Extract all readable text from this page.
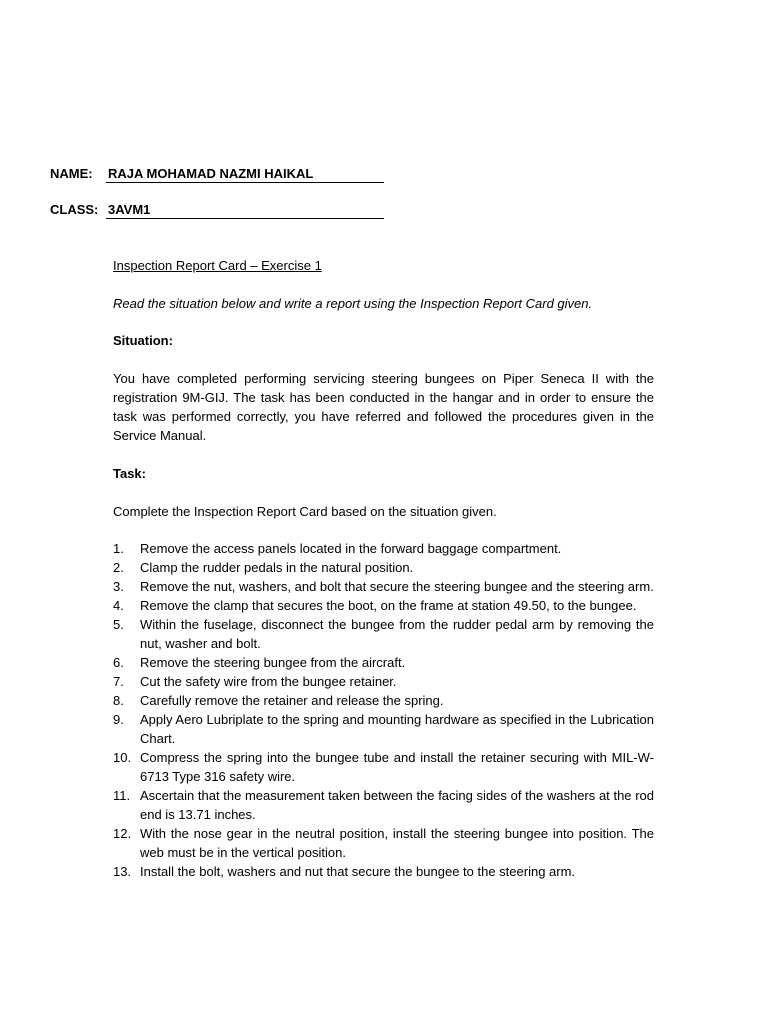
NAME: RAJA MOHAMAD NAZMI HAIKAL
CLASS: 3AVM1

Inspection Report Card – Exercise 1

Read the situation below and write a report using the Inspection Report Card given.

Situation:

You have completed performing servicing steering bungees on Piper Seneca II with the registration 9M-GIJ. The task has been conducted in the hangar and in order to ensure the task was performed correctly, you have referred and followed the procedures given in the Service Manual.

Task:

Complete the Inspection Report Card based on the situation given.

1. Remove the access panels located in the forward baggage compartment.
2. Clamp the rudder pedals in the natural position.
3. Remove the nut, washers, and bolt that secure the steering bungee and the steering arm.
4. Remove the clamp that secures the boot, on the frame at station 49.50, to the bungee.
5. Within the fuselage, disconnect the bungee from the rudder pedal arm by removing the nut, washer and bolt.
6. Remove the steering bungee from the aircraft.
7. Cut the safety wire from the bungee retainer.
8. Carefully remove the retainer and release the spring.
9. Apply Aero Lubriplate to the spring and mounting hardware as specified in the Lubrication Chart.
10. Compress the spring into the bungee tube and install the retainer securing with MIL-W-6713 Type 316 safety wire.
11. Ascertain that the measurement taken between the facing sides of the washers at the rod end is 13.71 inches.
12. With the nose gear in the neutral position, install the steering bungee into position. The web must be in the vertical position.
13. Install the bolt, washers and nut that secure the bungee to the steering arm.
